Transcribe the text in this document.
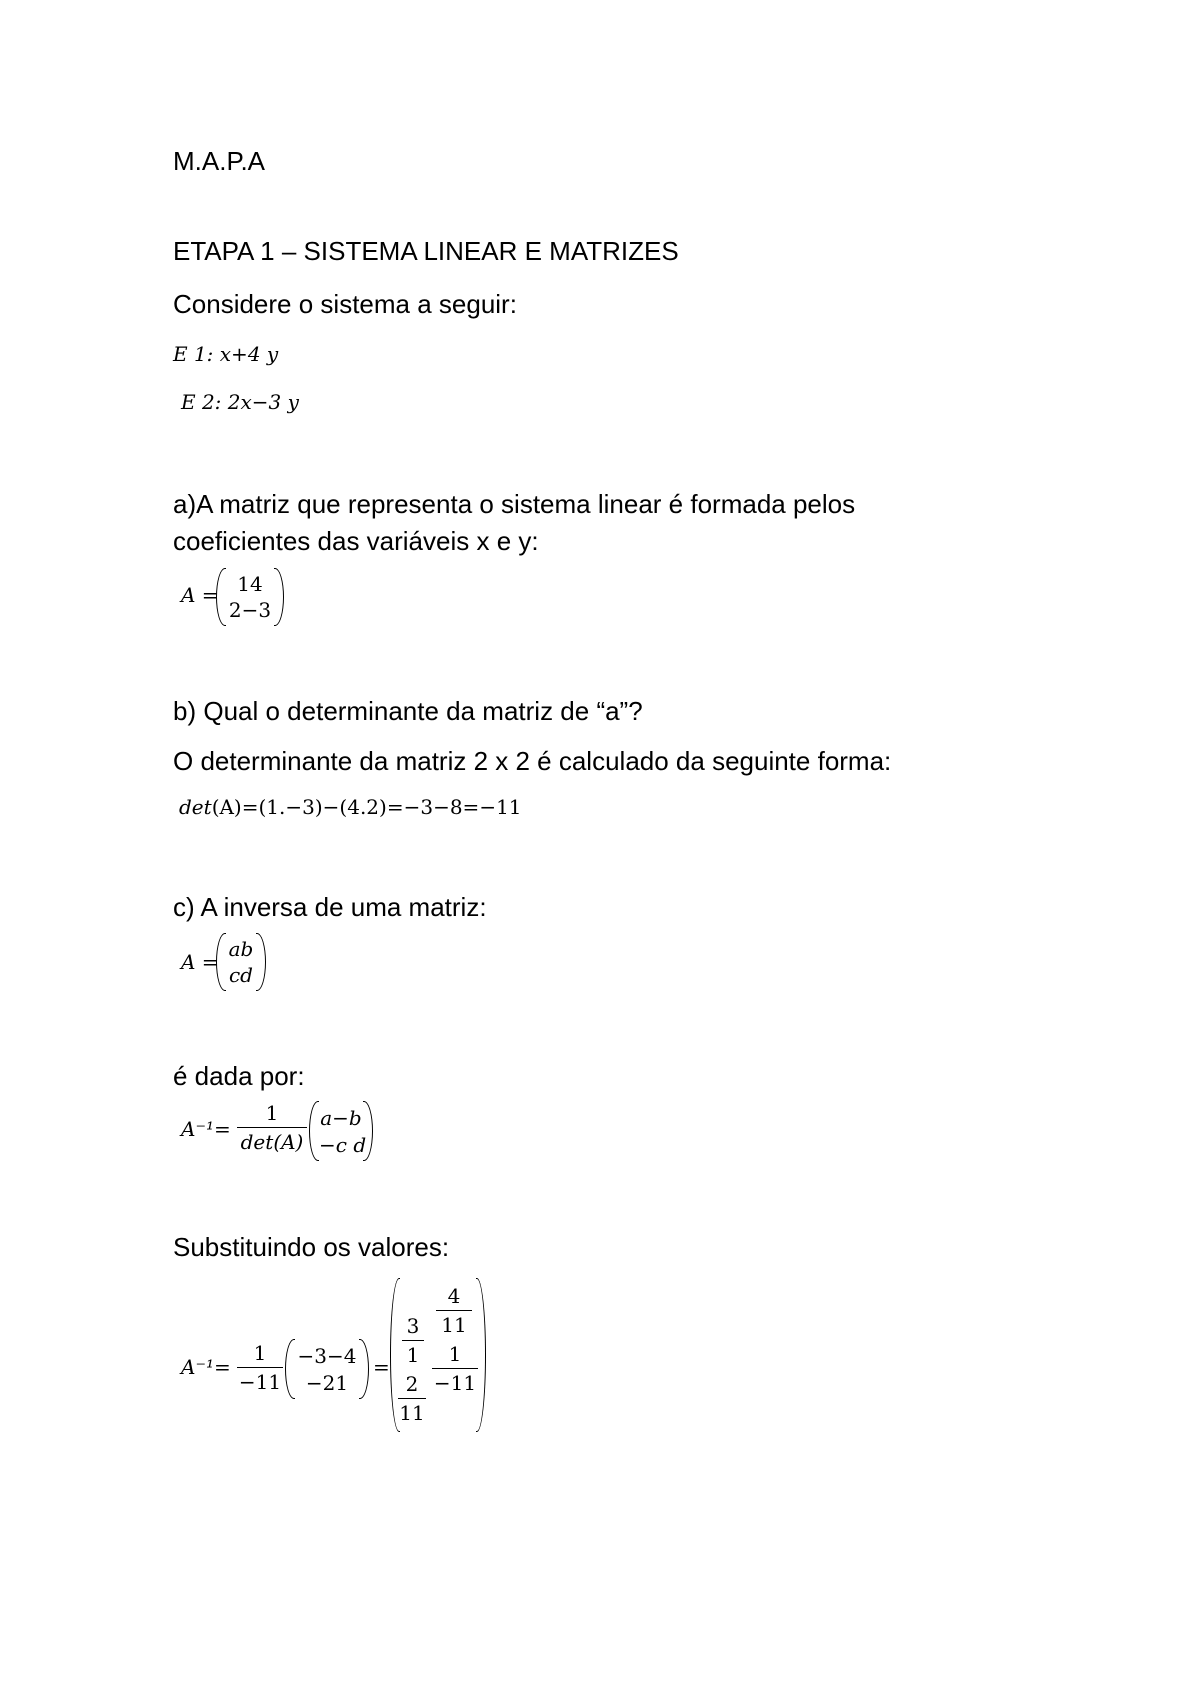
M.A.P.A
ETAPA 1 – SISTEMA LINEAR E MATRIZES
Considere o sistema a seguir:
E 1: x+4 y
E 2: 2x−3 y
a)A matriz que representa o sistema linear é formada pelos
coeficientes das variáveis x e y:
A = 14
2−3
b) Qual o determinante da matriz de “a”?
O determinante da matriz 2 x 2 é calculado da seguinte forma:
det(A)=(1.−3)−(4.2)=−3−8=−11
c) A inversa de uma matriz:
A =
ab
cd
é dada por:
A⁻¹=
1
det(A)
a−b
−c d
Substituindo os valores:
A⁻¹=
1
−11
−3−4
−21
=
4
11
3
1	1
−11
2
11
